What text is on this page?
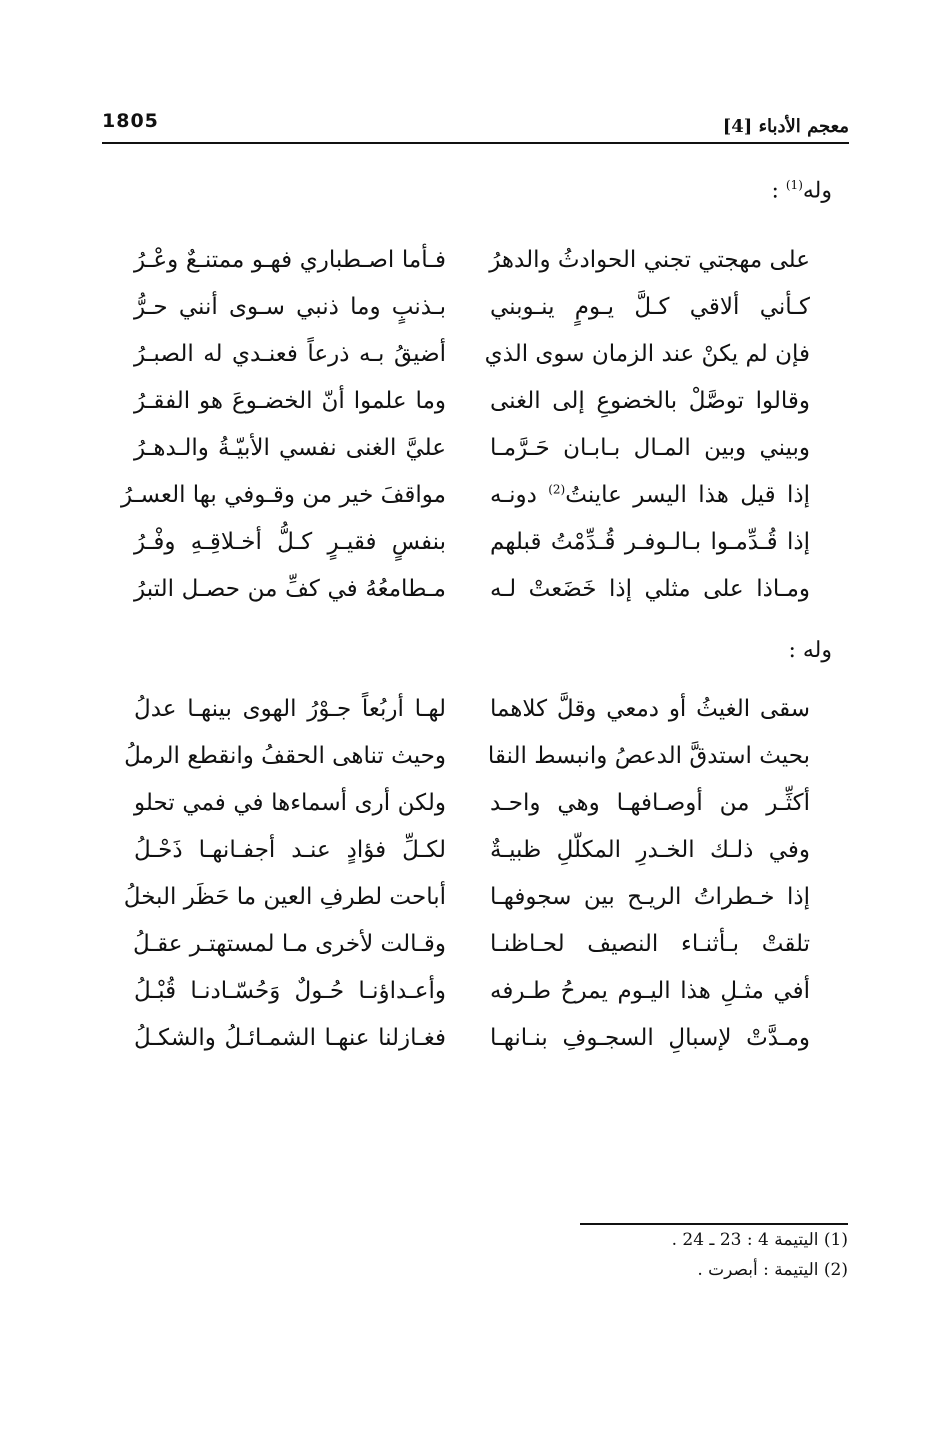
1805	معجم الأدباء [4]
وله$^{(1)}$ :
على مهجتي تجني الحوادثُ والدهرُ
فـأما اصـطباري فهـو ممتنـعٌ وعْـرُ
كـأني ألاقي كـلَّ يـومٍ ينـوبني
بـذنبٍ وما ذنبي سـوى أنني حـرُّ
فإن لم يكنْ عند الزمان سوى الذي
أضيقُ بـه ذرعاً فعنـدي له الصبـرُ
وقالوا توصَّلْ بالخضوعِ إلى الغنى
وما علموا أنّ الخضـوعَ هو الفقـرُ
وبيني وبين المـال بـابـان حَـرَّمـا
عليَّ الغنى نفسي الأبيّـةُ والـدهـرُ
إذا قيل هذا اليسر عاينتُ$^{(2)}$ دونـه
مواقفَ خير من وقـوفي بها العسـرُ
إذا قُـدِّمـوا بـالـوفـر قُـدِّمْتُ قبلهم
بنفسٍ فقيـرٍ كـلُّ أخـلاقِـهِ وفْـرُ
ومـاذا على مثلي إذا خَضَعتْ لـه
مـطامعُهُ في كفِّ من حصـل التبرُ
وله :
سقى الغيثُ أو دمعي وقلَّ كلاهما
لهـا أربُعاً جـوْرُ الهوى بينهـا عدلُ
بحيث استدقَّ الدعصُ وانبسط النقا
وحيث تناهى الحقفُ وانقطع الرملُ
أكثِّـر من أوصـافهـا وهي واحـد
ولكن أرى أسماءها في فمي تحلو
وفي ذلـك الخـدرِ المكلّلِ ظبيـةٌ
لكـلِّ فؤادٍ عنـد أجفـانهـا ذَحْـلُ
إذا خـطراتُ الريـح بين سجوفهـا
أباحت لطرفِ العين ما حَظَر البخلُ
تلقتْ بـأثنـاء النصيف لحـاظنـا
وقـالت لأخرى مـا لمستهتـر عقـلُ
أفي مثـلِ هذا اليـوم يمرحُ طـرفه
وأعـداؤنـا حُـولٌ وَحُسّـادنـا قُبْـلُ
ومـدَّتْ لإسبالِ السجـوفِ بنـانهـا
فغـازلنا عنهـا الشمـائـلُ والشكـلُ
(1) اليتيمة 4 : 23 ـ 24 .
(2) اليتيمة : أبصرت .
